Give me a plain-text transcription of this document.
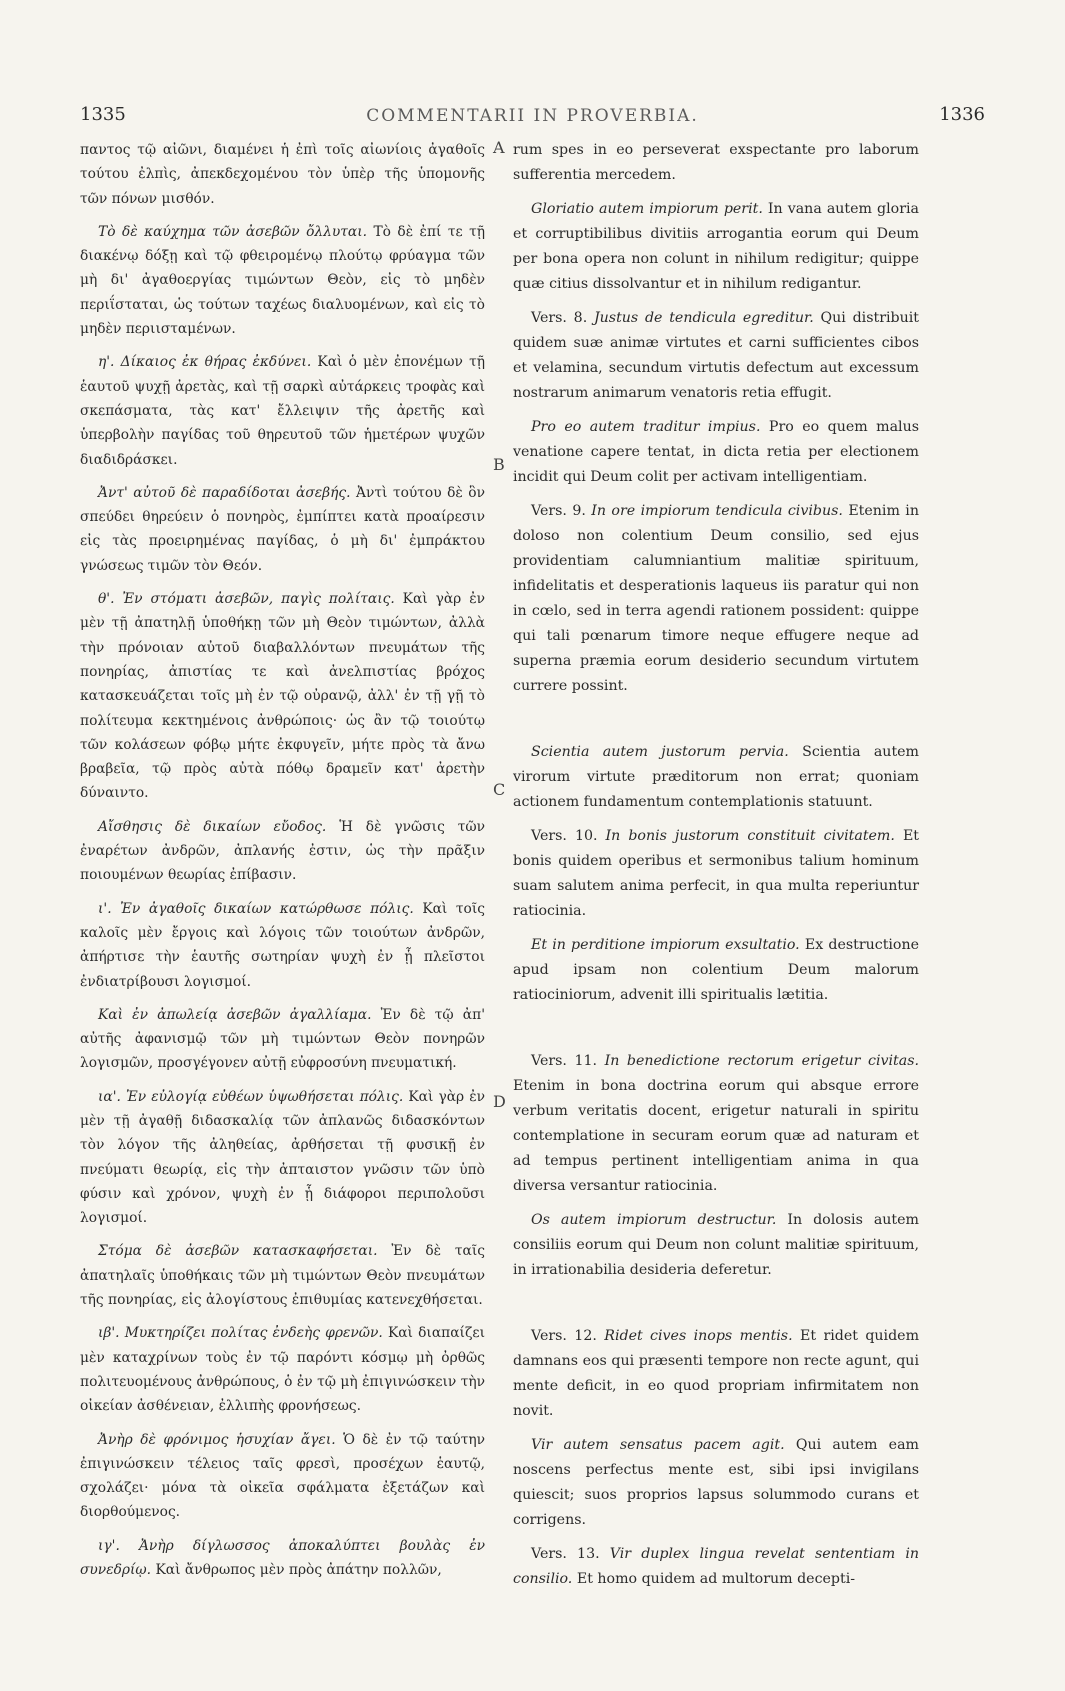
1335	COMMENTARII IN PROVERBIA.	1336
A
B
C
D

παντος τῷ αἰῶνι, διαμένει ἡ ἐπὶ τοῖς αἰωνίοις ἀγαθοῖς τούτου ἐλπὶς, ἀπεκδεχομένου τὸν ὑπὲρ τῆς ὑπομονῆς τῶν πόνων μισθόν.

Τὸ δὲ καύχημα τῶν ἀσεβῶν ὄλλυται. Τὸ δὲ ἐπί τε τῇ διακένῳ δόξῃ καὶ τῷ φθειρομένῳ πλούτῳ φρύαγμα τῶν μὴ δι' ἀγαθοεργίας τιμώντων Θεὸν, εἰς τὸ μηδὲν περιΐσταται, ὡς τούτων ταχέως διαλυομένων, καὶ εἰς τὸ μηδὲν περιισταμένων.

η'. Δίκαιος ἐκ θήρας ἐκδύνει. Καὶ ὁ μὲν ἐπονέμων τῇ ἑαυτοῦ ψυχῇ ἀρετὰς, καὶ τῇ σαρκὶ αὐτάρκεις τροφὰς καὶ σκεπάσματα, τὰς κατ' ἔλλειψιν τῆς ἀρετῆς καὶ ὑπερβολὴν παγίδας τοῦ θηρευτοῦ τῶν ἡμετέρων ψυχῶν διαδιδράσκει.

Ἀντ' αὐτοῦ δὲ παραδίδοται ἀσεβής. Ἀντὶ τούτου δὲ ὃν σπεύδει θηρεύειν ὁ πονηρὸς, ἐμπίπτει κατὰ προαίρεσιν εἰς τὰς προειρημένας παγίδας, ὁ μὴ δι' ἐμπράκτου γνώσεως τιμῶν τὸν Θεόν.

θ'. Ἐν στόματι ἀσεβῶν, παγὶς πολίταις. Καὶ γὰρ ἐν μὲν τῇ ἀπατηλῇ ὑποθήκῃ τῶν μὴ Θεὸν τιμώντων, ἀλλὰ τὴν πρόνοιαν αὐτοῦ διαβαλλόντων πνευμάτων τῆς πονηρίας, ἀπιστίας τε καὶ ἀνελπιστίας βρόχος κατασκευάζεται τοῖς μὴ ἐν τῷ οὐρανῷ, ἀλλ' ἐν τῇ γῇ τὸ πολίτευμα κεκτημένοις ἀνθρώποις· ὡς ἂν τῷ τοιούτῳ τῶν κολάσεων φόβῳ μήτε ἐκφυγεῖν, μήτε πρὸς τὰ ἄνω βραβεῖα, τῷ πρὸς αὐτὰ πόθῳ δραμεῖν κατ' ἀρετὴν δύναιντο.

Αἴσθησις δὲ δικαίων εὔοδος. Ἡ δὲ γνῶσις τῶν ἐναρέτων ἀνδρῶν, ἀπλανής ἐστιν, ὡς τὴν πρᾶξιν ποιουμένων θεωρίας ἐπίβασιν.

ι'. Ἐν ἀγαθοῖς δικαίων κατώρθωσε πόλις. Καὶ τοῖς καλοῖς μὲν ἔργοις καὶ λόγοις τῶν τοιούτων ἀνδρῶν, ἀπήρτισε τὴν ἑαυτῆς σωτηρίαν ψυχὴ ἐν ᾗ πλεῖστοι ἐνδιατρίβουσι λογισμοί.

Καὶ ἐν ἀπωλείᾳ ἀσεβῶν ἀγαλλίαμα. Ἐν δὲ τῷ ἀπ' αὐτῆς ἀφανισμῷ τῶν μὴ τιμώντων Θεὸν πονηρῶν λογισμῶν, προσγέγονεν αὐτῇ εὐφροσύνη πνευματική.

ια'. Ἐν εὐλογίᾳ εὐθέων ὑψωθήσεται πόλις. Καὶ γὰρ ἐν μὲν τῇ ἀγαθῇ διδασκαλίᾳ τῶν ἀπλανῶς διδασκόντων τὸν λόγον τῆς ἀληθείας, ἀρθήσεται τῇ φυσικῇ ἐν πνεύματι θεωρίᾳ, εἰς τὴν ἀπταιστον γνῶσιν τῶν ὑπὸ φύσιν καὶ χρόνον, ψυχὴ ἐν ᾗ διάφοροι περιπολοῦσι λογισμοί.

Στόμα δὲ ἀσεβῶν κατασκαφήσεται. Ἐν δὲ ταῖς ἀπατηλαῖς ὑποθήκαις τῶν μὴ τιμώντων Θεὸν πνευμάτων τῆς πονηρίας, εἰς ἀλογίστους ἐπιθυμίας κατενεχθήσεται.

ιβ'. Μυκτηρίζει πολίτας ἐνδεὴς φρενῶν. Καὶ διαπαίζει μὲν καταχρίνων τοὺς ἐν τῷ παρόντι κόσμῳ μὴ ὀρθῶς πολιτευομένους ἀνθρώπους, ὁ ἐν τῷ μὴ ἐπιγινώσκειν τὴν οἰκείαν ἀσθένειαν, ἐλλιπὴς φρονήσεως.

Ἀνὴρ δὲ φρόνιμος ἡσυχίαν ἄγει. Ὁ δὲ ἐν τῷ ταύτην ἐπιγινώσκειν τέλειος ταῖς φρεσὶ, προσέχων ἑαυτῷ, σχολάζει· μόνα τὰ οἰκεῖα σφάλματα ἐξετάζων καὶ διορθούμενος.

ιγ'. Ἀνὴρ δίγλωσσος ἀποκαλύπτει βουλὰς ἐν συνεδρίῳ. Καὶ ἄνθρωπος μὲν πρὸς ἀπάτην πολλῶν,

rum spes in eo perseverat exspectante pro laborum sufferentia mercedem.

Gloriatio autem impiorum perit. In vana autem gloria et corruptibilibus divitiis arrogantia eorum qui Deum per bona opera non colunt in nihilum redigitur; quippe quæ citius dissolvantur et in nihilum redigantur.

Vers. 8. Justus de tendicula egreditur. Qui distribuit quidem suæ animæ virtutes et carni sufficientes cibos et velamina, secundum virtutis defectum aut excessum nostrarum animarum venatoris retia effugit.

Pro eo autem traditur impius. Pro eo quem malus venatione capere tentat, in dicta retia per electionem incidit qui Deum colit per activam intelligentiam.

Vers. 9. In ore impiorum tendicula civibus. Etenim in doloso non colentium Deum consilio, sed ejus providentiam calumniantium malitiæ spirituum, infidelitatis et desperationis laqueus iis paratur qui non in cœlo, sed in terra agendi rationem possident: quippe qui tali pœnarum timore neque effugere neque ad superna præmia eorum desiderio secundum virtutem currere possint.

Scientia autem justorum pervia. Scientia autem virorum virtute præditorum non errat; quoniam actionem fundamentum contemplationis statuunt.

Vers. 10. In bonis justorum constituit civitatem. Et bonis quidem operibus et sermonibus talium hominum suam salutem anima perfecit, in qua multa reperiuntur ratiocinia.

Et in perditione impiorum exsultatio. Ex destructione apud ipsam non colentium Deum malorum ratiociniorum, advenit illi spiritualis lætitia.

Vers. 11. In benedictione rectorum erigetur civitas. Etenim in bona doctrina eorum qui absque errore verbum veritatis docent, erigetur naturali in spiritu contemplatione in securam eorum quæ ad naturam et ad tempus pertinent intelligentiam anima in qua diversa versantur ratiocinia.

Os autem impiorum destructur. In dolosis autem consiliis eorum qui Deum non colunt malitiæ spirituum, in irrationabilia desideria deferetur.

Vers. 12. Ridet cives inops mentis. Et ridet quidem damnans eos qui præsenti tempore non recte agunt, qui mente deficit, in eo quod propriam infirmitatem non novit.

Vir autem sensatus pacem agit. Qui autem eam noscens perfectus mente est, sibi ipsi invigilans quiescit; suos proprios lapsus solummodo curans et corrigens.

Vers. 13. Vir duplex lingua revelat sententiam in consilio. Et homo quidem ad multorum decepti-
